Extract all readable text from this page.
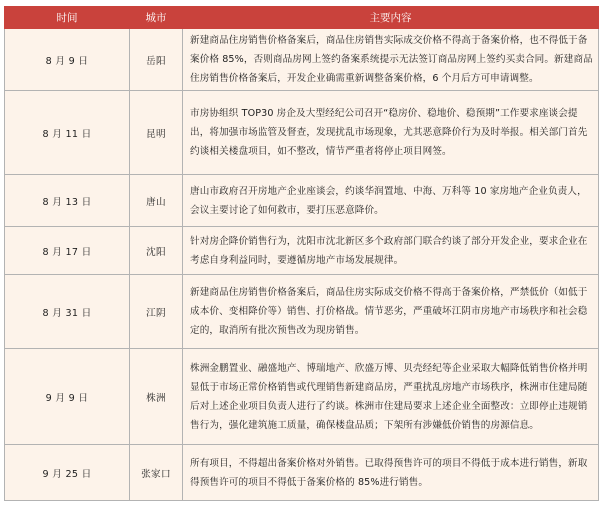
时间	城市	主要内容
8 月 9 日	岳阳	新建商品住房销售价格备案后，商品住房销售实际成交价格不得高于备案价格，也不得低于备案价格 85%，否则商品房网上签约备案系统提示无法签订商品房网上签约买卖合同。新建商品住房销售价格备案后，开发企业确需重新调整备案价格，6 个月后方可申请调整。
8 月 11 日	昆明	市房协组织 TOP30 房企及大型经纪公司召开“稳房价、稳地价、稳预期”工作要求座谈会提出，将加强市场监管及督查，发现扰乱市场现象，尤其恶意降价行为及时举报。相关部门首先约谈相关楼盘项目，如不整改，情节严重者将停止项目网签。
8 月 13 日	唐山	唐山市政府召开房地产企业座谈会，约谈华润置地、中海、万科等 10 家房地产企业负责人，会议主要讨论了如何救市，要打压恶意降价。
8 月 17 日	沈阳	针对房企降价销售行为，沈阳市沈北新区多个政府部门联合约谈了部分开发企业，要求企业在考虑自身利益同时，要遵循房地产市场发展规律。
8 月 31 日	江阴	新建商品住房销售价格备案后，商品住房实际成交价格不得高于备案价格，严禁低价（如低于成本价、变相降价等）销售、打价格战。情节恶劣，严重破坏江阴市房地产市场秩序和社会稳定的，取消所有批次预售改为现房销售。
9 月 9 日	株洲	株洲金鹏置业、融盛地产、博瑞地产、欣盛万博、贝壳经纪等企业采取大幅降低销售价格并明显低于市场正常价格销售或代理销售新建商品房，严重扰乱房地产市场秩序，株洲市住建局随后对上述企业项目负责人进行了约谈。株洲市住建局要求上述企业全面整改：立即停止违规销售行为，强化建筑施工质量，确保楼盘品质；下架所有涉嫌低价销售的房源信息。
9 月 25 日	张家口	所有项目，不得超出备案价格对外销售。已取得预售许可的项目不得低于成本进行销售，新取得预售许可的项目不得低于备案价格的 85%进行销售。
